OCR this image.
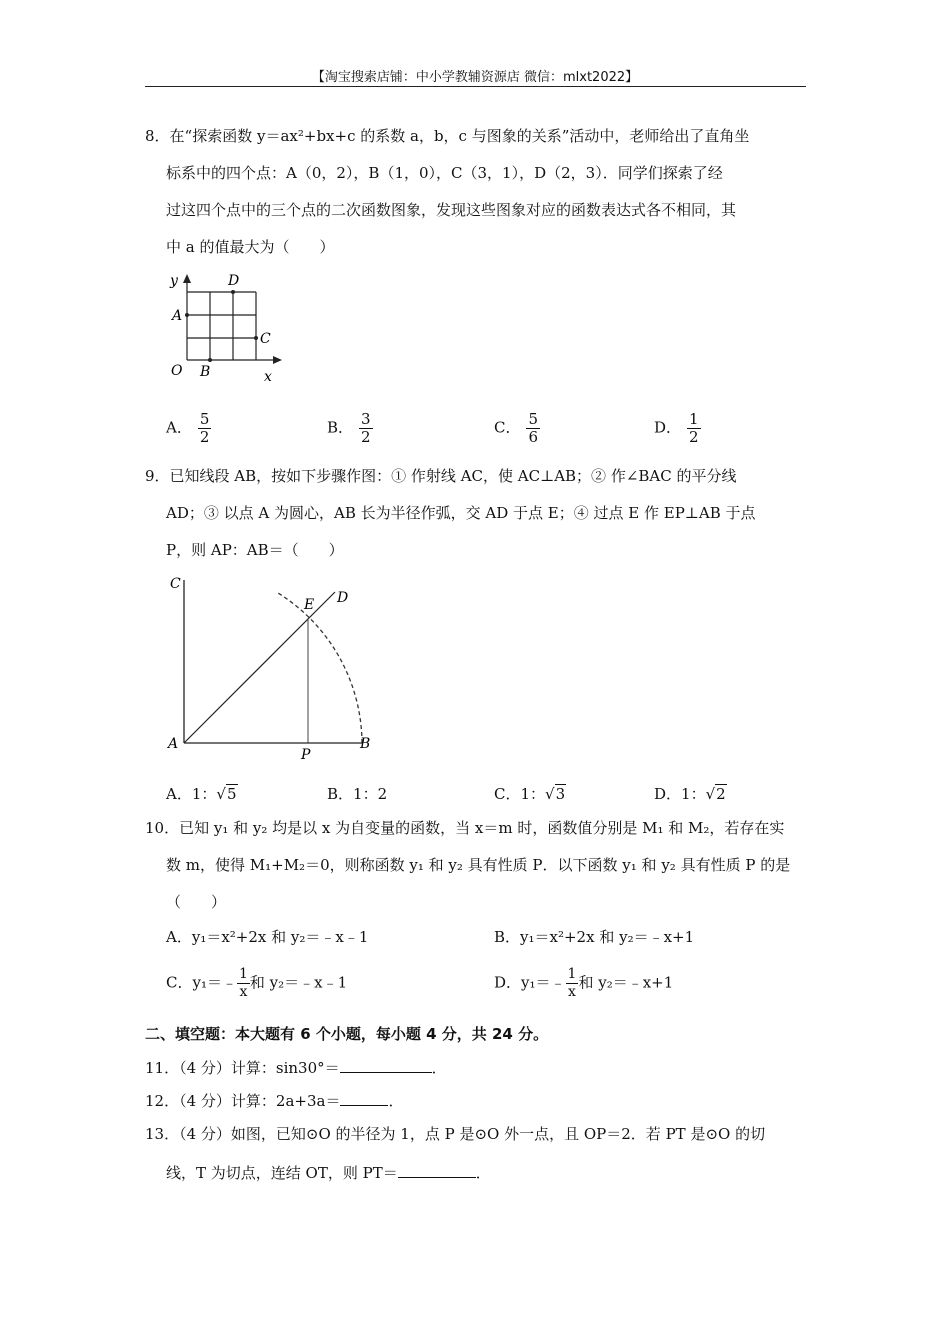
【淘宝搜索店铺：中小学教辅资源店 微信：mlxt2022】
8．在“探索函数 y＝ax²+bx+c 的系数 a，b，c 与图象的关系”活动中，老师给出了直角坐
标系中的四个点：A（0，2），B（1，0），C（3，1），D（2，3）．同学们探索了经
过这四个点中的三个点的二次函数图象，发现这些图象对应的函数表达式各不相同，其
中 a 的值最大为（　　）
y
x
O
A
B
C
D
A． $\frac{5}{2}$	B． $\frac{3}{2}$	C． $\frac{5}{6}$	D． $\frac{1}{2}$
9．已知线段 AB，按如下步骤作图：① 作射线 AC，使 AC⊥AB；② 作∠BAC 的平分线
AD；③ 以点 A 为圆心，AB 长为半径作弧，交 AD 于点 E；④ 过点 E 作 EP⊥AB 于点
P，则 AP：AB＝（　　）
C
E D
A
P
B
A．1：√5	B．1：2	C．1：√3	D．1：√2
10．已知 y₁ 和 y₂ 均是以 x 为自变量的函数，当 x＝m 时，函数值分别是 M₁ 和 M₂，若存在实
数 m，使得 M₁+M₂＝0，则称函数 y₁ 和 y₂ 具有性质 P．以下函数 y₁ 和 y₂ 具有性质 P 的是
（　　）
A．y₁＝x²+2x 和 y₂＝﹣x﹣1	B．y₁＝x²+2x 和 y₂＝﹣x+1
C．y₁＝﹣ $\frac{1}{x}$ 和 y₂＝﹣x﹣1	D．y₁＝﹣ $\frac{1}{x}$ 和 y₂＝﹣x+1
二、填空题：本大题有 6 个小题，每小题 4 分，共 24 分。
11．（4 分）计算：sin30°＝	．
12．（4 分）计算：2a+3a＝	．
13．（4 分）如图，已知⊙O 的半径为 1，点 P 是⊙O 外一点，且 OP＝2．若 PT 是⊙O 的切
线，T 为切点，连结 OT，则 PT＝	．
